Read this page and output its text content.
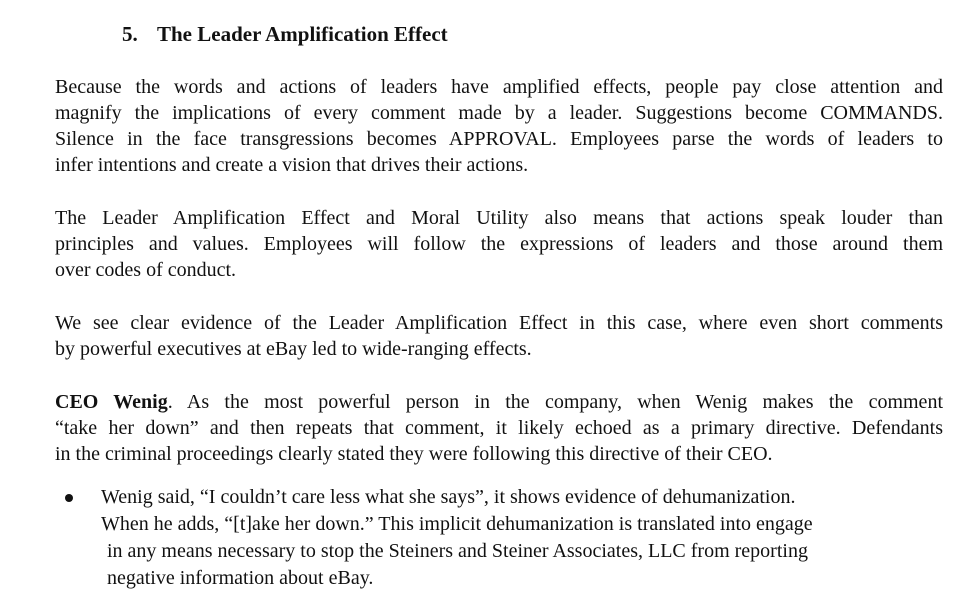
5. The Leader Amplification Effect
Because the words and actions of leaders have amplified effects, people pay close attention and
magnify the implications of every comment made by a leader. Suggestions become COMMANDS.
Silence in the face transgressions becomes APPROVAL. Employees parse the words of leaders to
infer intentions and create a vision that drives their actions.
The Leader Amplification Effect and Moral Utility also means that actions speak louder than
principles and values. Employees will follow the expressions of leaders and those around them
over codes of conduct.
We see clear evidence of the Leader Amplification Effect in this case, where even short comments
by powerful executives at eBay led to wide-ranging effects.
CEO Wenig. As the most powerful person in the company, when Wenig makes the comment
“take her down” and then repeats that comment, it likely echoed as a primary directive. Defendants
in the criminal proceedings clearly stated they were following this directive of their CEO.
Wenig said, “I couldn’t care less what she says”, it shows evidence of dehumanization.
When he adds, “[t]ake her down.” This implicit dehumanization is translated into engage
in any means necessary to stop the Steiners and Steiner Associates, LLC from reporting
negative information about eBay.
